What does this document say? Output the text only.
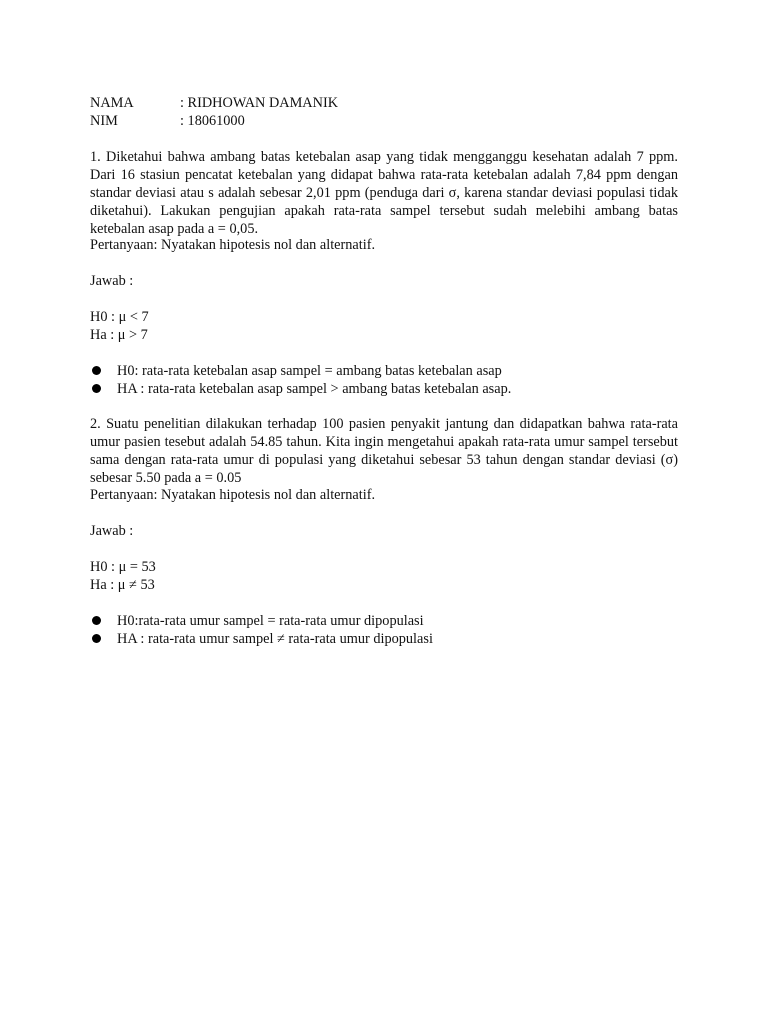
NAMA	: RIDHOWAN DAMANIK
NIM	: 18061000
1. Diketahui bahwa ambang batas ketebalan asap yang tidak mengganggu kesehatan adalah 7 ppm. Dari 16 stasiun pencatat ketebalan yang didapat bahwa rata-rata ketebalan adalah 7,84 ppm dengan standar deviasi atau s adalah sebesar 2,01 ppm (penduga dari σ, karena standar deviasi populasi tidak diketahui). Lakukan pengujian apakah rata-rata sampel tersebut sudah melebihi ambang batas ketebalan asap pada a = 0,05.
Pertanyaan: Nyatakan hipotesis nol dan alternatif.
Jawab :
H0 : μ < 7
Ha : μ > 7

H0: rata-rata ketebalan asap sampel = ambang batas ketebalan asap

HA : rata-rata ketebalan asap sampel > ambang batas ketebalan asap.

2. Suatu penelitian dilakukan terhadap 100 pasien penyakit jantung dan didapatkan bahwa rata-rata umur pasien tesebut adalah 54.85 tahun. Kita ingin mengetahui apakah rata-rata umur sampel tersebut sama dengan rata-rata umur di populasi yang diketahui sebesar 53 tahun dengan standar deviasi (σ) sebesar 5.50 pada a = 0.05
Pertanyaan: Nyatakan hipotesis nol dan alternatif.
Jawab :
H0 : μ = 53
Ha : μ ≠ 53

H0:rata-rata umur sampel = rata-rata umur dipopulasi

HA : rata-rata umur sampel ≠ rata-rata umur dipopulasi
